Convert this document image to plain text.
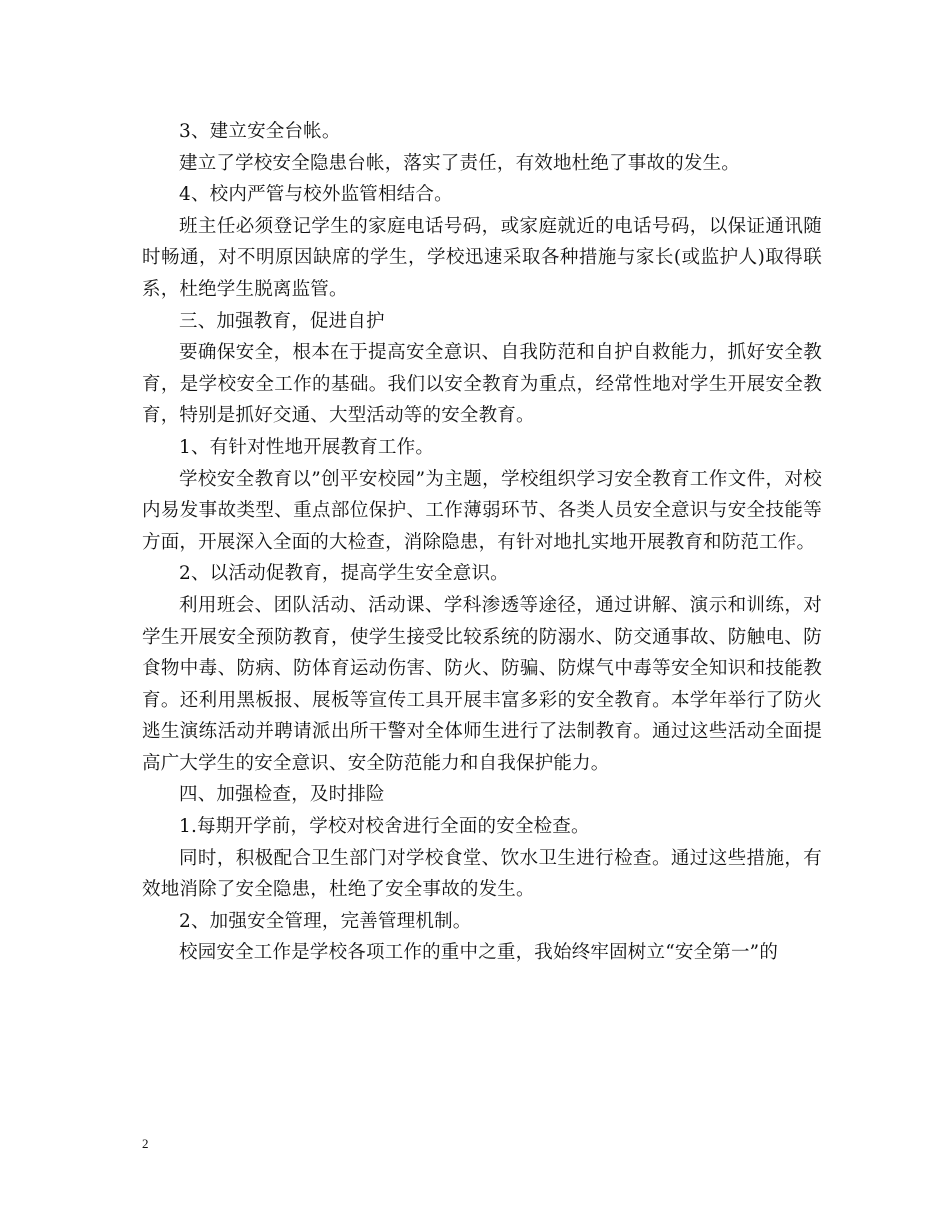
3、建立安全台帐。

建立了学校安全隐患台帐，落实了责任，有效地杜绝了事故的发生。

4、校内严管与校外监管相结合。

班主任必须登记学生的家庭电话号码，或家庭就近的电话号码，以保证通讯随时畅通，对不明原因缺席的学生，学校迅速采取各种措施与家长(或监护人)取得联系，杜绝学生脱离监管。

三、加强教育，促进自护

要确保安全，根本在于提高安全意识、自我防范和自护自救能力，抓好安全教育，是学校安全工作的基础。我们以安全教育为重点，经常性地对学生开展安全教育，特别是抓好交通、大型活动等的安全教育。

1、有针对性地开展教育工作。

学校安全教育以”创平安校园”为主题，学校组织学习安全教育工作文件，对校内易发事故类型、重点部位保护、工作薄弱环节、各类人员安全意识与安全技能等方面，开展深入全面的大检查，消除隐患，有针对地扎实地开展教育和防范工作。

2、以活动促教育，提高学生安全意识。

利用班会、团队活动、活动课、学科渗透等途径，通过讲解、演示和训练，对学生开展安全预防教育，使学生接受比较系统的防溺水、防交通事故、防触电、防食物中毒、防病、防体育运动伤害、防火、防骗、防煤气中毒等安全知识和技能教育。还利用黑板报、展板等宣传工具开展丰富多彩的安全教育。本学年举行了防火逃生演练活动并聘请派出所干警对全体师生进行了法制教育。通过这些活动全面提高广大学生的安全意识、安全防范能力和自我保护能力。

四、加强检查，及时排险

1.每期开学前，学校对校舍进行全面的安全检查。

同时，积极配合卫生部门对学校食堂、饮水卫生进行检查。通过这些措施，有效地消除了安全隐患，杜绝了安全事故的发生。

2、加强安全管理，完善管理机制。

校园安全工作是学校各项工作的重中之重，我始终牢固树立“安全第一”的

2
